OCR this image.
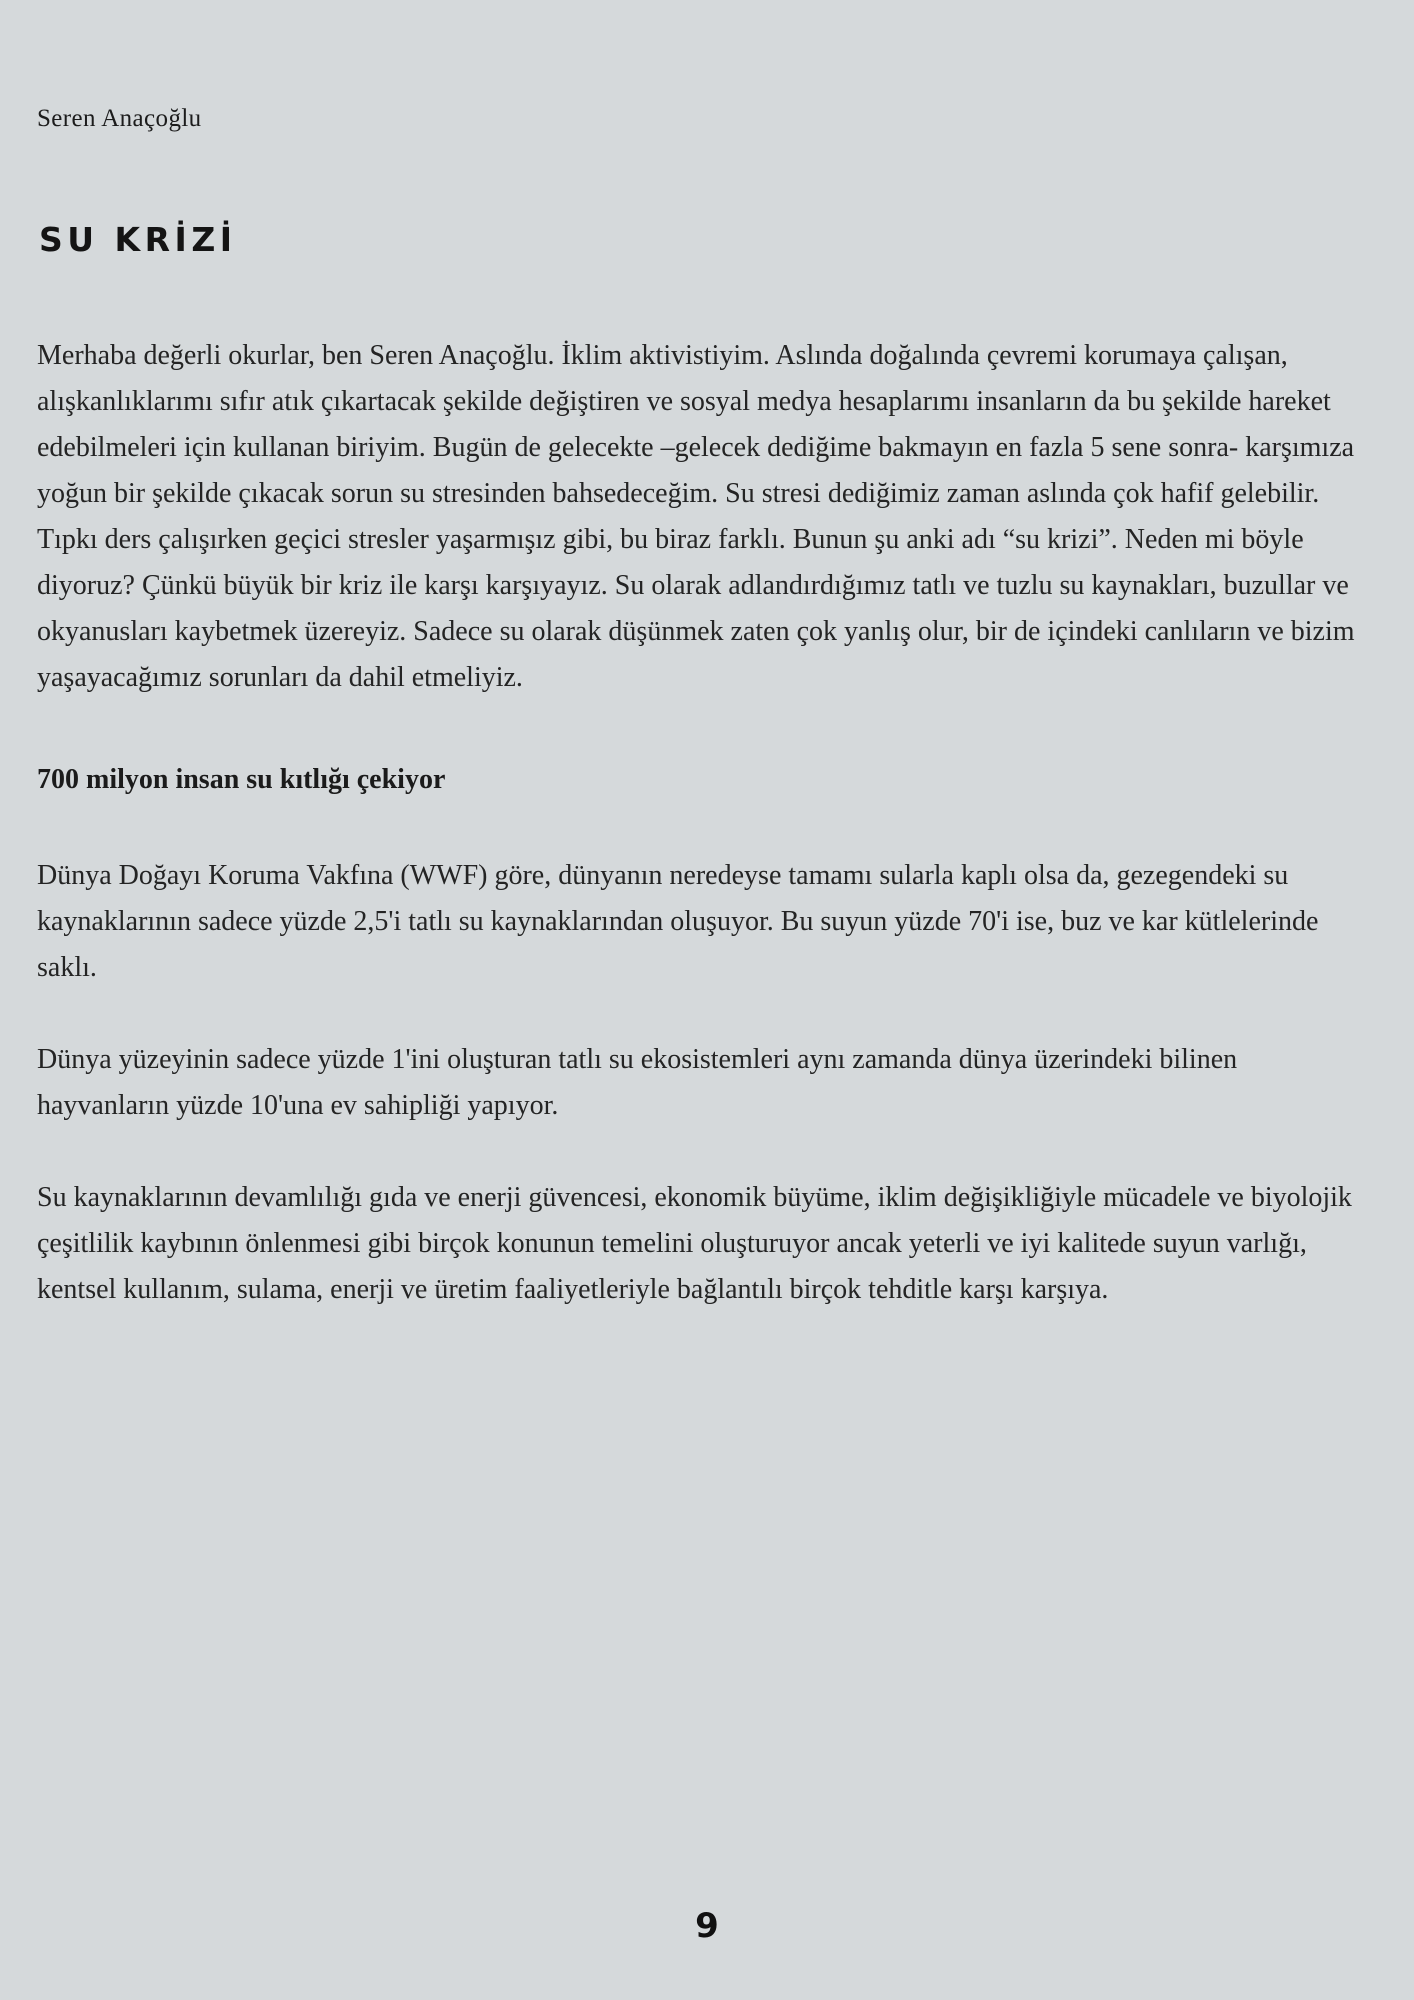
Seren Anaçoğlu

SU KRİZİ

Merhaba değerli okurlar, ben Seren Anaçoğlu. İklim aktivistiyim. Aslında doğalında çevremi korumaya çalışan, alışkanlıklarımı sıfır atık çıkartacak şekilde değiştiren ve sosyal medya hesaplarımı insanların da bu şekilde hareket edebilmeleri için kullanan biriyim. Bugün de gelecekte –gelecek dediğime bakmayın en fazla 5 sene sonra- karşımıza yoğun bir şekilde çıkacak sorun su stresinden bahsedeceğim. Su stresi dediğimiz zaman aslında çok hafif gelebilir. Tıpkı ders çalışırken geçici stresler yaşarmışız gibi, bu biraz farklı. Bunun şu anki adı “su krizi”. Neden mi böyle diyoruz? Çünkü büyük bir kriz ile karşı karşıyayız. Su olarak adlandırdığımız tatlı ve tuzlu su kaynakları, buzullar ve okyanusları kaybetmek üzereyiz. Sadece su olarak düşünmek zaten çok yanlış olur, bir de içindeki canlıların ve bizim yaşayacağımız sorunları da dahil etmeliyiz.

700 milyon insan su kıtlığı çekiyor

Dünya Doğayı Koruma Vakfına (WWF) göre, dünyanın neredeyse tamamı sularla kaplı olsa da, gezegendeki su kaynaklarının sadece yüzde 2,5'i tatlı su kaynaklarından oluşuyor. Bu suyun yüzde 70'i ise, buz ve kar kütlelerinde saklı.

Dünya yüzeyinin sadece yüzde 1'ini oluşturan tatlı su ekosistemleri aynı zamanda dünya üzerindeki bilinen hayvanların yüzde 10'una ev sahipliği yapıyor.

Su kaynaklarının devamlılığı gıda ve enerji güvencesi, ekonomik büyüme, iklim değişikliğiyle mücadele ve biyolojik çeşitlilik kaybının önlenmesi gibi birçok konunun temelini oluşturuyor ancak yeterli ve iyi kalitede suyun varlığı, kentsel kullanım, sulama, enerji ve üretim faaliyetleriyle bağlantılı birçok tehditle karşı karşıya.

9
